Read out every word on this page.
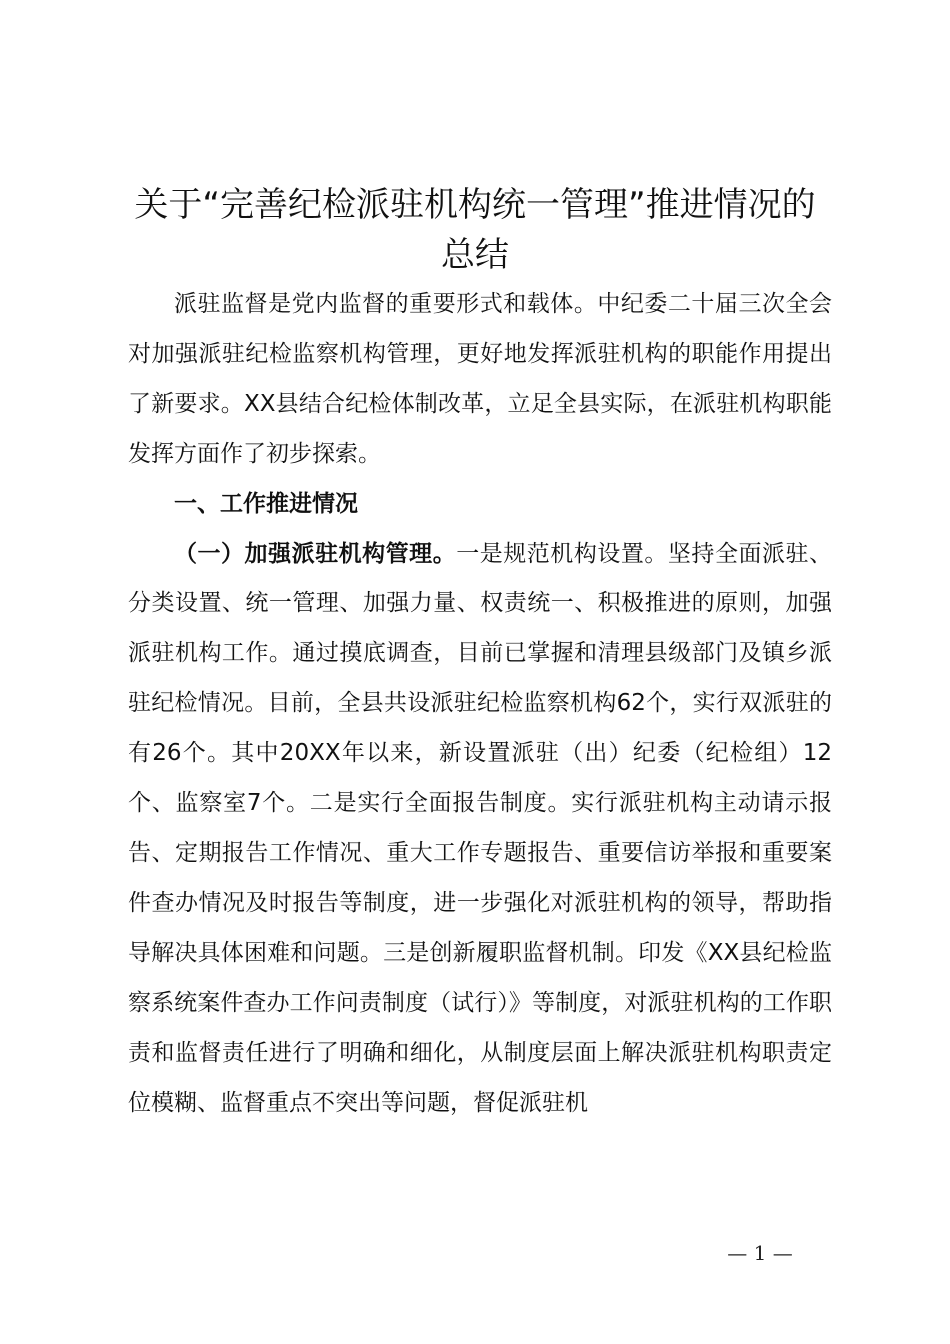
关于“完善纪检派驻机构统一管理”推进情况的
总结

派驻监督是党内监督的重要形式和载体。中纪委二十届三次全会对加强派驻纪检监察机构管理，更好地发挥派驻机构的职能作用提出了新要求。XX县结合纪检体制改革，立足全县实际，在派驻机构职能发挥方面作了初步探索。

一、工作推进情况

（一）加强派驻机构管理。一是规范机构设置。坚持全面派驻、分类设置、统一管理、加强力量、权责统一、积极推进的原则，加强派驻机构工作。通过摸底调查，目前已掌握和清理县级部门及镇乡派驻纪检情况。目前，全县共设派驻纪检监察机构62个，实行双派驻的有26个。其中20XX年以来，新设置派驻（出）纪委（纪检组）12个、监察室7个。二是实行全面报告制度。实行派驻机构主动请示报告、定期报告工作情况、重大工作专题报告、重要信访举报和重要案件查办情况及时报告等制度，进一步强化对派驻机构的领导，帮助指导解决具体困难和问题。三是创新履职监督机制。印发《XX县纪检监察系统案件查办工作问责制度（试行）》等制度，对派驻机构的工作职责和监督责任进行了明确和细化，从制度层面上解决派驻机构职责定位模糊、监督重点不突出等问题，督促派驻机

— 1 —
